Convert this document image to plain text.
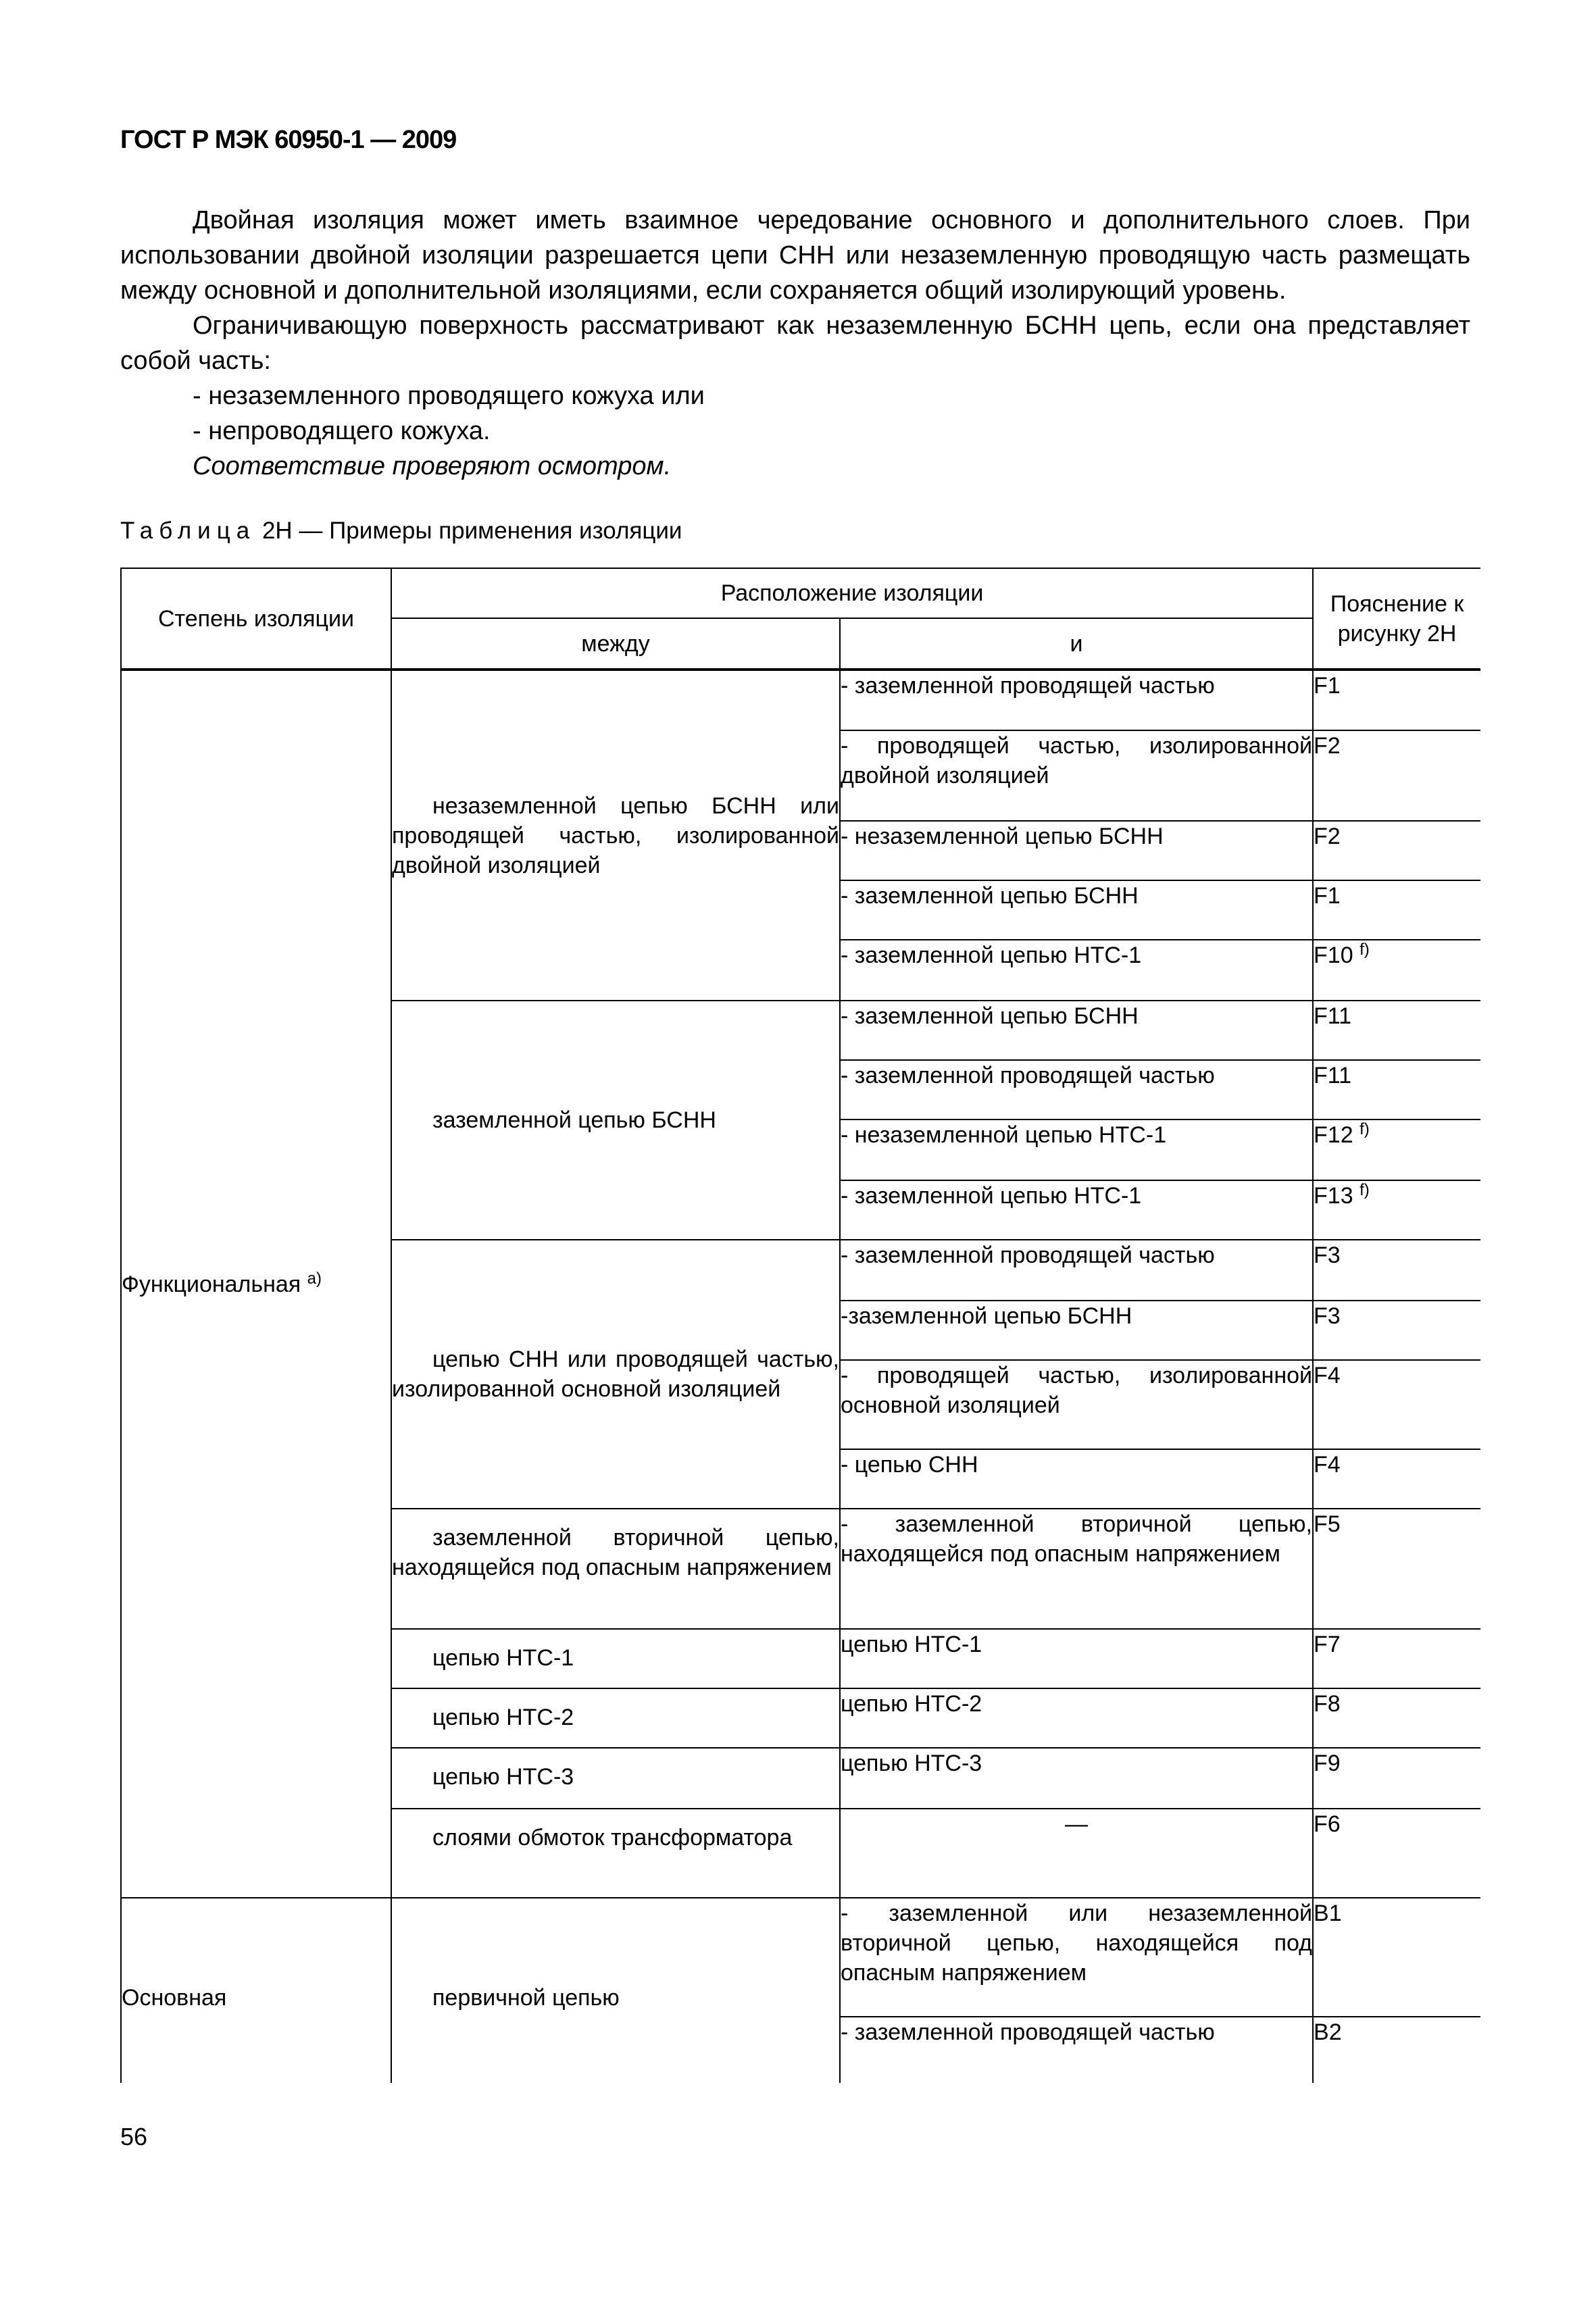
ГОСТ Р МЭК 60950-1 — 2009

Двойная изоляция может иметь взаимное чередование основного и дополнительного слоев. При использовании двойной изоляции разрешается цепи СНН или незаземленную проводящую часть размещать между основной и дополнительной изоляциями, если сохраняется общий изолирующий уровень.

Ограничивающую поверхность рассматривают как незаземленную БСНН цепь, если она представляет собой часть:

- незаземленного проводящего кожуха или

- непроводящего кожуха.

Соответствие проверяют осмотром.

Таблица 2Н — Примеры применения изоляции
Степень изоляции	Расположение изоляции		Пояснение к рисунку 2Н

	между	и	

Функциональная $^{a)}$	незаземленной цепью БСНН или проводящей частью, изолированной двойной изоляцией	- заземленной проводящей частью	F1

		- проводящей частью, изолированной двойной изоляцией	F2

		- незаземленной цепью БСНН	F2

		- заземленной цепью БСНН	F1

		- заземленной цепью НТС-1	F10 $^{f)}$

	заземленной цепью БСНН	- заземленной цепью БСНН	F11

		- заземленной проводящей частью	F11

		- незаземленной цепью НТС-1	F12 $^{f)}$

		- заземленной цепью НТС-1	F13 $^{f)}$

	цепью СНН или проводящей частью, изолированной основной изоляцией	- заземленной проводящей частью	F3

		-заземленной цепью БСНН	F3

		- проводящей частью, изолированной основной изоляцией	F4

		- цепью СНН	F4

	заземленной вторичной цепью, находящейся под опасным напряжением	- заземленной вторичной цепью, находящейся под опасным напряжением	F5

	цепью НТС-1	цепью НТС-1	F7

	цепью НТС-2	цепью НТС-2	F8

	цепью НТС-3	цепью НТС-3	F9

	слоями обмоток трансформатора	—	F6
Основная	первичной цепью	- заземленной или незаземленной вторичной цепью, находящейся под опасным напряжением	B1

		- заземленной проводящей частью	B2
56
